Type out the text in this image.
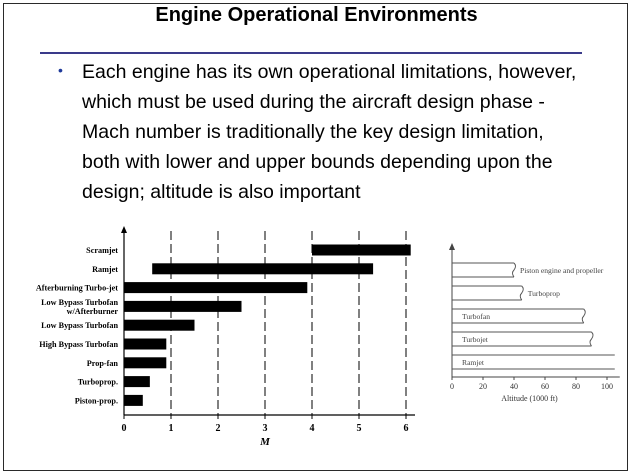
Engine Operational Environments
• Each engine has its own operational limitations, however, which must be used during the aircraft design phase - Mach number is traditionally the key design limitation, both with lower and upper bounds depending upon the design; altitude is also important
0	1	2	3	4	5	6
M
Scramjet
Ramjet
Afterburning Turbo-jet
Low Bypass Turbofan
w/Afterburner
Low Bypass Turbofan
High Bypass Turbofan
Prop-fan
Turboprop.
Piston-prop.
0	20	40	60	80	100
Altitude (1000 ft)
Piston engine and propeller
Turboprop
Turbofan
Turbojet
Ramjet
